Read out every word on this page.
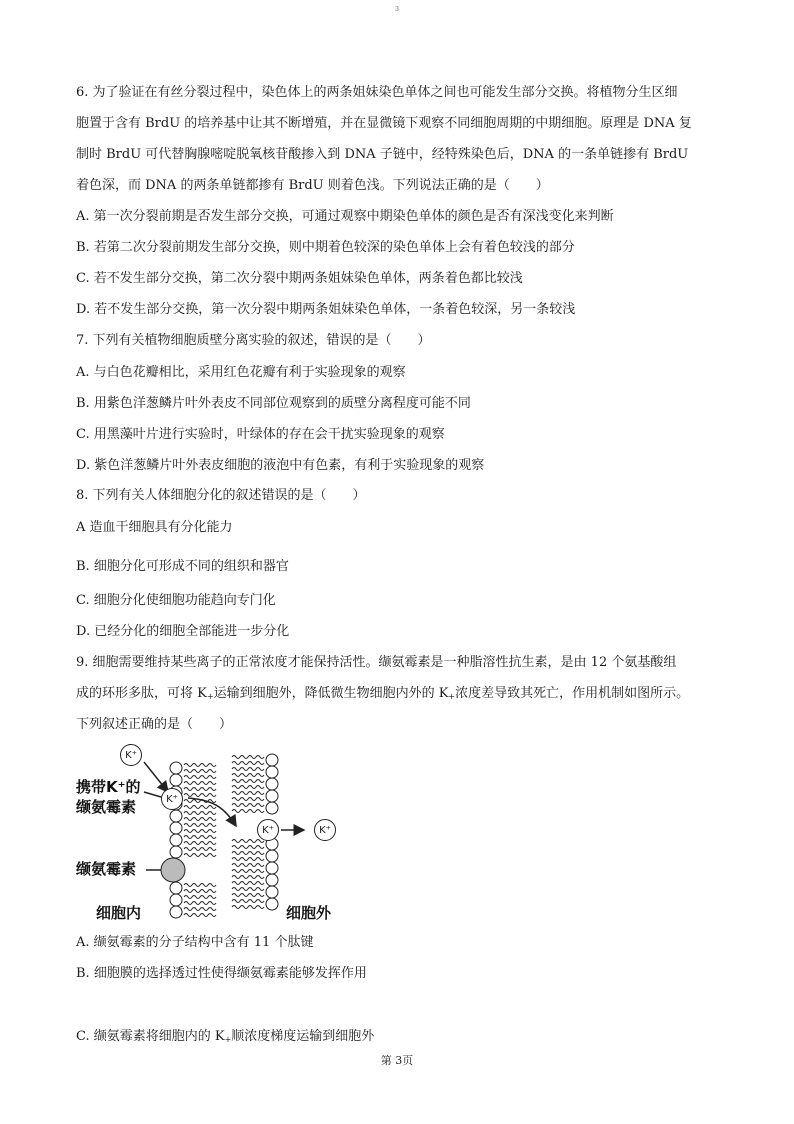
3
6. 为了验证在有丝分裂过程中，染色体上的两条姐妹染色单体之间也可能发生部分交换。将植物分生区细
胞置于含有 BrdU 的培养基中让其不断增殖，并在显微镜下观察不同细胞周期的中期细胞。原理是 DNA 复
制时 BrdU 可代替胸腺嘧啶脱氧核苷酸掺入到 DNA 子链中，经特殊染色后，DNA 的一条单链掺有 BrdU
着色深，而 DNA 的两条单链都掺有 BrdU 则着色浅。下列说法正确的是（　　）
A. 第一次分裂前期是否发生部分交换，可通过观察中期染色单体的颜色是否有深浅变化来判断
B. 若第二次分裂前期发生部分交换，则中期着色较深的染色单体上会有着色较浅的部分
C. 若不发生部分交换，第二次分裂中期两条姐妹染色单体，两条着色都比较浅
D. 若不发生部分交换，第一次分裂中期两条姐妹染色单体，一条着色较深，另一条较浅
7. 下列有关植物细胞质壁分离实验的叙述，错误的是（　　）
A. 与白色花瓣相比，采用红色花瓣有利于实验现象的观察
B. 用紫色洋葱鳞片叶外表皮不同部位观察到的质壁分离程度可能不同
C. 用黑藻叶片进行实验时，叶绿体的存在会干扰实验现象的观察
D. 紫色洋葱鳞片叶外表皮细胞的液泡中有色素，有利于实验现象的观察
8. 下列有关人体细胞分化的叙述错误的是（　　）
A 造血干细胞具有分化能力
B. 细胞分化可形成不同的组织和器官
C. 细胞分化使细胞功能趋向专门化
D. 已经分化的细胞全部能进一步分化
9. 细胞需要维持某些离子的正常浓度才能保持活性。缬氨霉素是一种脂溶性抗生素，是由 12 个氨基酸组
成的环形多肽，可将 $K_+$运输到细胞外，降低微生物细胞内外的 $K_+$浓度差导致其死亡，作用机制如图所示。
下列叙述正确的是（　　）
K⁺
K⁺
K⁺	K⁺
携带K⁺的
缬氨霉素
缬氨霉素
细胞内	细胞外
A. 缬氨霉素的分子结构中含有 11 个肽键
B. 细胞膜的选择透过性使得缬氨霉素能够发挥作用
C. 缬氨霉素将细胞内的 $K_+$顺浓度梯度运输到细胞外
第 3页
